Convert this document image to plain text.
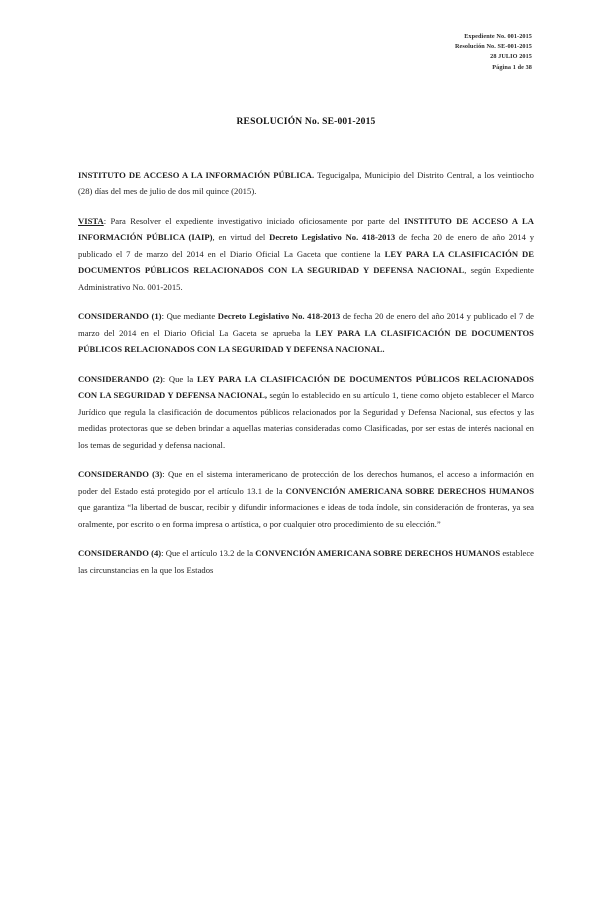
Expediente No. 001-2015
Resolución No. SE-001-2015
28 JULIO 2015
Página 1 de 38
RESOLUCIÓN No. SE-001-2015

INSTITUTO DE ACCESO A LA INFORMACIÓN PÚBLICA. Tegucigalpa, Municipio del Distrito Central, a los veintiocho (28) días del mes de julio de dos mil quince (2015).

VISTA: Para Resolver el expediente investigativo iniciado oficiosamente por parte del INSTITUTO DE ACCESO A LA INFORMACIÓN PÚBLICA (IAIP), en virtud del Decreto Legislativo No. 418-2013 de fecha 20 de enero de año 2014 y publicado el 7 de marzo del 2014 en el Diario Oficial La Gaceta que contiene la LEY PARA LA CLASIFICACIÓN DE DOCUMENTOS PÚBLICOS RELACIONADOS CON LA SEGURIDAD Y DEFENSA NACIONAL, según Expediente Administrativo No. 001-2015.

CONSIDERANDO (1): Que mediante Decreto Legislativo No. 418-2013 de fecha 20 de enero del año 2014 y publicado el 7 de marzo del 2014 en el Diario Oficial La Gaceta se aprueba la LEY PARA LA CLASIFICACIÓN DE DOCUMENTOS PÚBLICOS RELACIONADOS CON LA SEGURIDAD Y DEFENSA NACIONAL.

CONSIDERANDO (2): Que la LEY PARA LA CLASIFICACIÓN DE DOCUMENTOS PÚBLICOS RELACIONADOS CON LA SEGURIDAD Y DEFENSA NACIONAL, según lo establecido en su artículo 1, tiene como objeto establecer el Marco Jurídico que regula la clasificación de documentos públicos relacionados por la Seguridad y Defensa Nacional, sus efectos y las medidas protectoras que se deben brindar a aquellas materias consideradas como Clasificadas, por ser estas de interés nacional en los temas de seguridad y defensa nacional.

CONSIDERANDO (3): Que en el sistema interamericano de protección de los derechos humanos, el acceso a información en poder del Estado está protegido por el artículo 13.1 de la CONVENCIÓN AMERICANA SOBRE DERECHOS HUMANOS que garantiza “la libertad de buscar, recibir y difundir informaciones e ideas de toda índole, sin consideración de fronteras, ya sea oralmente, por escrito o en forma impresa o artística, o por cualquier otro procedimiento de su elección.”

CONSIDERANDO (4): Que el artículo 13.2 de la CONVENCIÓN AMERICANA SOBRE DERECHOS HUMANOS establece las circunstancias en la que los Estados
